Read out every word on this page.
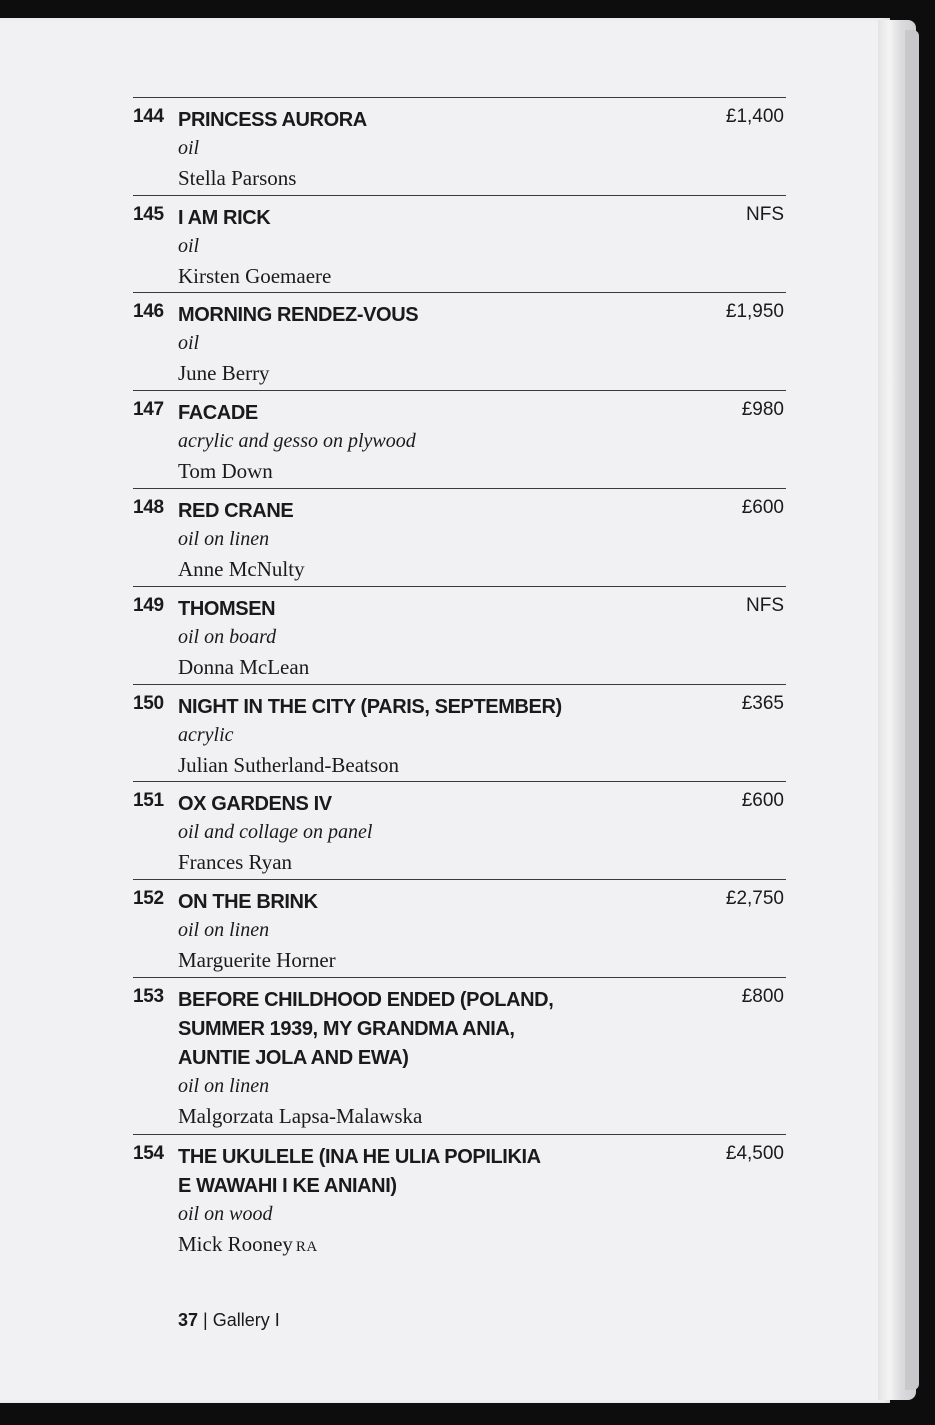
144 PRINCESS AURORA
oil
Stella Parsons
£1,400
145 I AM RICK
oil
Kirsten Goemaere
NFS
146 MORNING RENDEZ-VOUS
oil
June Berry
£1,950
147 FACADE
acrylic and gesso on plywood
Tom Down
£980
148 RED CRANE
oil on linen
Anne McNulty
£600
149 THOMSEN
oil on board
Donna McLean
NFS
150 NIGHT IN THE CITY (PARIS, SEPTEMBER)
acrylic
Julian Sutherland-Beatson
£365
151 OX GARDENS IV
oil and collage on panel
Frances Ryan
£600
152 ON THE BRINK
oil on linen
Marguerite Horner
£2,750
153 BEFORE CHILDHOOD ENDED (POLAND,
SUMMER 1939, MY GRANDMA ANIA,
AUNTIE JOLA AND EWA)
oil on linen
Malgorzata Lapsa-Malawska
£800
154 THE UKULELE (INA HE ULIA POPILIKIA
E WAWAHI I KE ANIANI)
oil on wood
Mick Rooney RA
£4,500
37 | Gallery I
